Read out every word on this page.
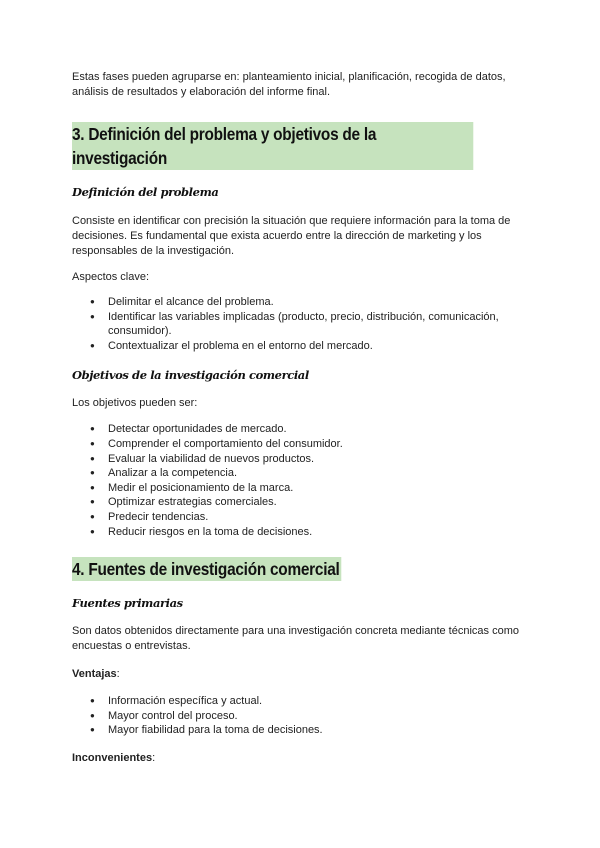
Estas fases pueden agruparse en: planteamiento inicial, planificación, recogida de datos, análisis de resultados y elaboración del informe final.

3. Definición del problema y objetivos de la investigación
Definición del problema

Consiste en identificar con precisión la situación que requiere información para la toma de decisiones. Es fundamental que exista acuerdo entre la dirección de marketing y los responsables de la investigación.

Aspectos clave:

● Delimitar el alcance del problema.
● Identificar las variables implicadas (producto, precio, distribución, comunicación, consumidor).
● Contextualizar el problema en el entorno del mercado.
Objetivos de la investigación comercial

Los objetivos pueden ser:

● Detectar oportunidades de mercado.
● Comprender el comportamiento del consumidor.
● Evaluar la viabilidad de nuevos productos.
● Analizar a la competencia.
● Medir el posicionamiento de la marca.
● Optimizar estrategias comerciales.
● Predecir tendencias.
● Reducir riesgos en la toma de decisiones.
4. Fuentes de investigación comercial
Fuentes primarias

Son datos obtenidos directamente para una investigación concreta mediante técnicas como encuestas o entrevistas.

Ventajas:

● Información específica y actual.
● Mayor control del proceso.
● Mayor fiabilidad para la toma de decisiones.

Inconvenientes:
